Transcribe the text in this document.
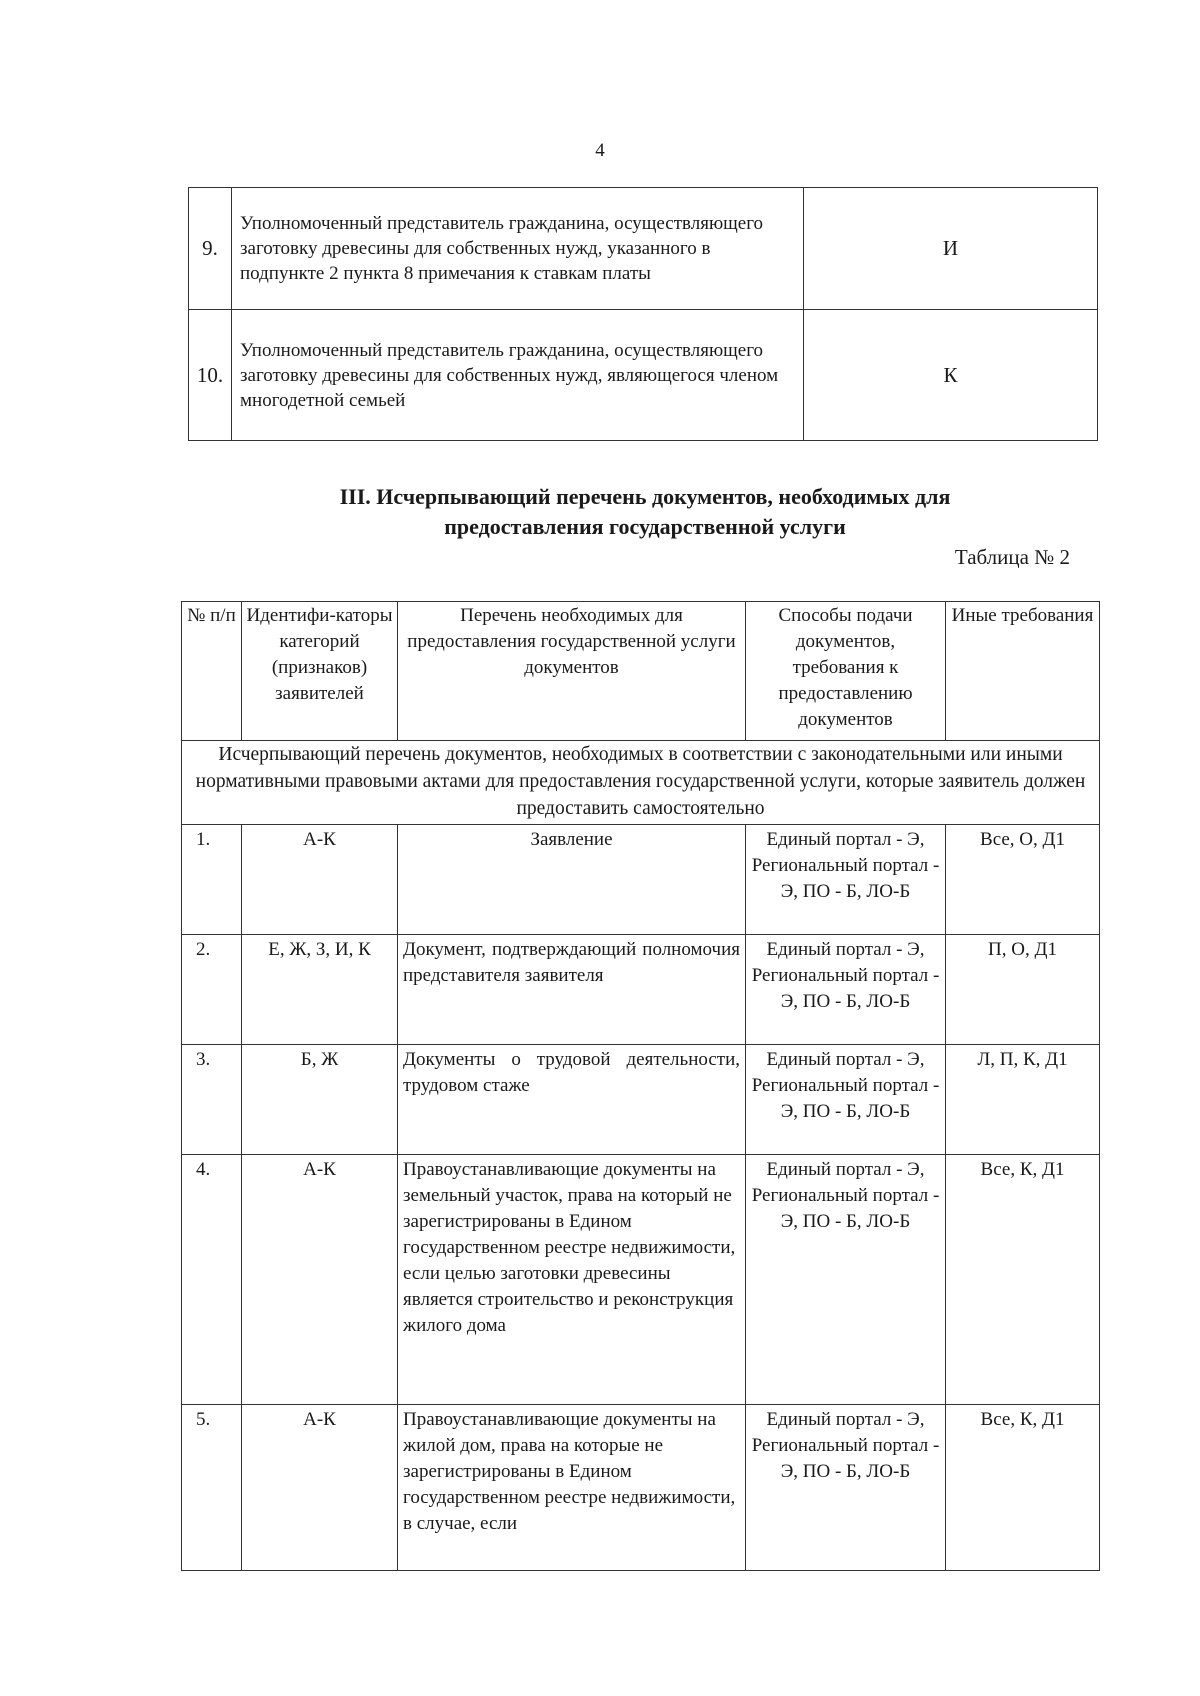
4
9.	Уполномоченный представитель гражданина, осуществляющего заготовку древесины для собственных нужд, указанного в подпункте 2 пункта 8 примечания к ставкам платы	И
10.	Уполномоченный представитель гражданина, осуществляющего заготовку древесины для собственных нужд, являющегося членом многодетной семьей	К
III. Исчерпывающий перечень документов, необходимых для
предоставления государственной услуги
Таблица № 2
№ п/п	Идентифи-каторы категорий (признаков) заявителей	Перечень необходимых для предоставления государственной услуги документов	Способы подачи документов, требования к предоставлению документов	Иные требования
Исчерпывающий перечень документов, необходимых в соответствии с законодательными или иными нормативными правовыми актами для предоставления государственной услуги, которые заявитель должен предоставить самостоятельно				
1.	А-К	Заявление	Единый портал - Э, Региональный портал - Э, ПО - Б, ЛО-Б	Все, О, Д1
2.	Е, Ж, З, И, К	Документ, подтверждающий полномочия представителя заявителя	Единый портал - Э, Региональный портал - Э, ПО - Б, ЛО-Б	П, О, Д1
3.	Б, Ж	Документы о трудовой деятельности, трудовом стаже	Единый портал - Э, Региональный портал - Э, ПО - Б, ЛО-Б	Л, П, К, Д1
4.	А-К	Правоустанавливающие документы на земельный участок, права на который не зарегистрированы в Едином государственном реестре недвижимости, если целью заготовки древесины является строительство и реконструкция жилого дома	Единый портал - Э, Региональный портал - Э, ПО - Б, ЛО-Б	Все, К, Д1
5.	А-К	Правоустанавливающие документы на жилой дом, права на которые не зарегистрированы в Едином государственном реестре недвижимости, в случае, если	Единый портал - Э, Региональный портал - Э, ПО - Б, ЛО-Б	Все, К, Д1
